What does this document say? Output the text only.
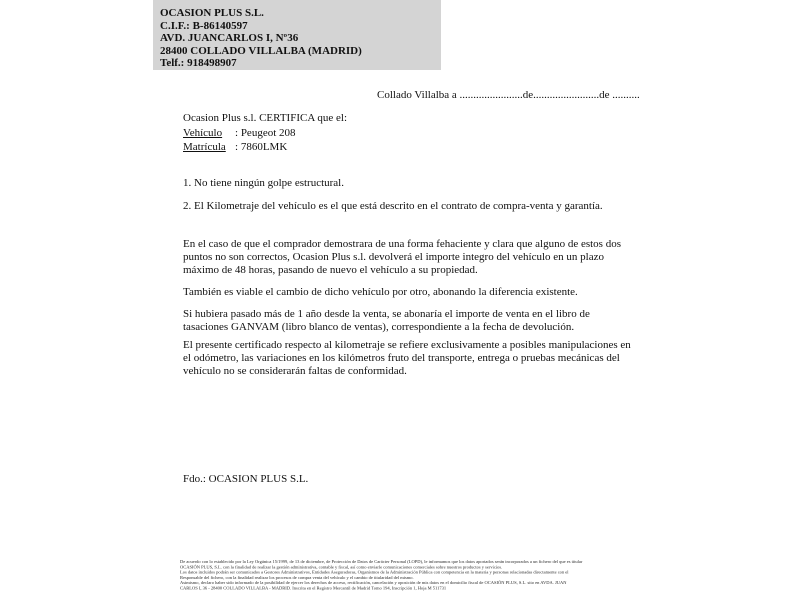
OCASION PLUS S.L.
C.I.F.: B-86140597
AVD. JUANCARLOS I, Nº36
28400 COLLADO VILLALBA (MADRID)
Telf.: 918498907
Collado Villalba a .......................de........................de ..........
Ocasion Plus s.l. CERTIFICA que el:
Vehículo : Peugeot 208
Matrícula : 7860LMK
1. No tiene ningún golpe estructural.
2. El Kilometraje del vehículo es el que está descrito en el contrato de compra-venta y garantía.
En el caso de que el comprador demostrara de una forma fehaciente y clara que alguno de estos dos puntos no son correctos, Ocasion Plus s.l. devolverá el importe integro del vehículo en un plazo máximo de 48 horas, pasando de nuevo el vehículo a su propiedad.
También es viable el cambio de dicho vehículo por otro, abonando la diferencia existente.
Si hubiera pasado más de 1 año desde la venta, se abonaría el importe de venta en el libro de tasaciones GANVAM (libro blanco de ventas), correspondiente a la fecha de devolución.
El presente certificado respecto al kilometraje se refiere exclusivamente a posibles manipulaciones en el odómetro, las variaciones en los kilómetros fruto del transporte, entrega o pruebas mecánicas del vehículo no se considerarán faltas de conformidad.
Fdo.: OCASION PLUS S.L.
De acuerdo con lo establecido por la Ley Orgánica 15/1999, de 13 de diciembre, de Protección de Datos de Carácter Personal (LOPD), le informamos que los datos aportados serán incorporados a un fichero del que es titular
OCASIÓN PLUS, S.L. con la finalidad de realizar la gestión administrativa, contable y fiscal, así como enviarle comunicaciones comerciales sobre nuestros productos y servicios.
Los datos incluidos podrán ser comunicados a Gestores Administrativos, Entidades Aseguradoras, Organismos de la Administración Pública con competencia en la materia y personas relacionadas directamente con el
Responsable del fichero, con la finalidad realizar los procesos de compra venta del vehículo y el cambio de titularidad del mismo.
Asimismo, declaro haber sido informado de la posibilidad de ejercer los derechos de acceso, rectificación, cancelación y oposición de mis datos en el domicilio fiscal de OCASIÓN PLUS, S.L. sito en AVDA. JUAN
CARLOS I, 36 - 28400 COLLADO VILLALBA - MADRID. Inscrita en el Registro Mercantil de Madrid Tomo 194, Inscripción 1, Hoja M 511731
